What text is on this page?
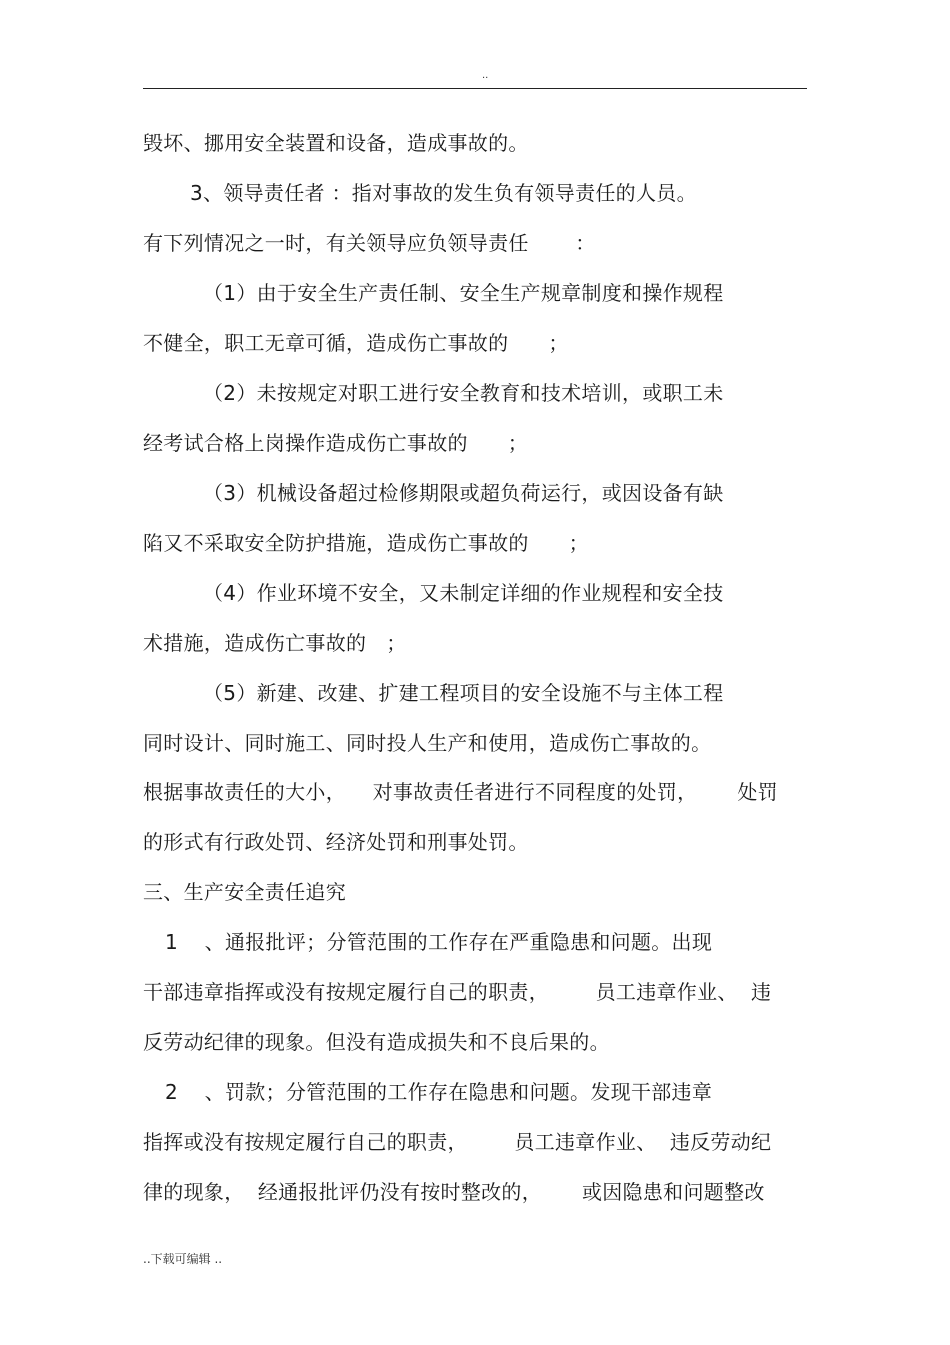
..
毁坏、挪用安全装置和设备，造成事故的。
3、领导责任者 ：指对事故的发生负有领导责任的人员。
有下列情况之一时，有关领导应负领导责任       ：
（1）由于安全生产责任制、安全生产规章制度和操作规程
不健全，职工无章可循，造成伤亡事故的      ；
（2）未按规定对职工进行安全教育和技术培训，或职工未
经考试合格上岗操作造成伤亡事故的      ；
（3）机械设备超过检修期限或超负荷运行，或因设备有缺
陷又不采取安全防护措施，造成伤亡事故的      ；
（4）作业环境不安全，又未制定详细的作业规程和安全技
术措施，造成伤亡事故的   ；
（5）新建、改建、扩建工程项目的安全设施不与主体工程
同时设计、同时施工、同时投人生产和使用，造成伤亡事故的。
根据事故责任的大小，    对事故责任者进行不同程度的处罚，      处罚
的形式有行政处罚、经济处罚和刑事处罚。
三、生产安全责任追究
1    、通报批评；分管范围的工作存在严重隐患和问题。出现
干部违章指挥或没有按规定履行自己的职责，       员工违章作业、  违
反劳动纪律的现象。但没有造成损失和不良后果的。
2    、罚款；分管范围的工作存在隐患和问题。发现干部违章
指挥或没有按规定履行自己的职责，       员工违章作业、  违反劳动纪
律的现象，  经通报批评仍没有按时整改的，      或因隐患和问题整改
..下载可编辑 ..
